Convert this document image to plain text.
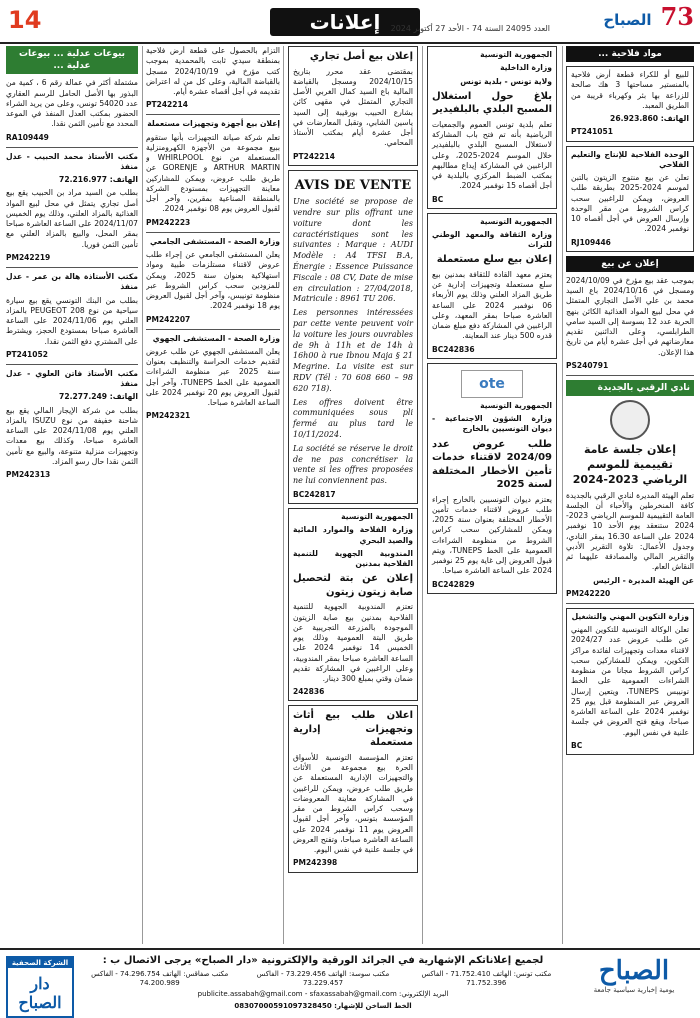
14	إعلانات	العدد 24095 السنة 74 - الأحد 27 أكتوبر 2024	73 الصباح
مواد فلاحية ...

للبيع أو للكراء قطعة أرض فلاحية بالمنستير مساحتها 3 هك صالحة للزراعة بها بئر وكهرباء قريبة من الطريق المعبد.

الهاتف: 26.923.860

PT241051

الوحدة الفلاحية للإنتاج والتعليم الفلاحي

تعلن عن بيع منتوج الزيتون بالتبن لموسم 2024-2025 بطريقة طلب العروض، ويمكن للراغبين سحب كراس الشروط من مقر الوحدة وإرسال العروض في أجل أقصاه 10 نوفمبر 2024.

RJ109446
إعلان عن بيع

بموجب عقد بيع مؤرخ في 2024/10/09 ومسجل في 2024/10/16 باع السيد محمد بن علي الأصل التجاري المتمثل في محل لبيع المواد الغذائية الكائن بنهج الحرية عدد 12 بسوسة إلى السيد سامي الطرابلسي، وعلى الدائنين تقديم معارضاتهم في أجل عشرة أيام من تاريخ هذا الإعلان.

PS240791
نادي الرقبي بالجديدة
إعلان جلسة عامة تقييمية للموسم الرياضي 2023-2024

تعلم الهيئة المديرة لنادي الرقبي بالجديدة كافة المنخرطين والأحباء أن الجلسة العامة التقييمية للموسم الرياضي 2023-2024 ستنعقد يوم الأحد 10 نوفمبر 2024 على الساعة 16.30 بمقر النادي، وجدول الأعمال: تلاوة التقرير الأدبي والتقرير المالي والمصادقة عليهما ثم النقاش العام.

عن الهيئة المديرة - الرئيس

PM242220

وزارة التكوين المهني والتشغيل

تعلن الوكالة التونسية للتكوين المهني عن طلب عروض عدد 2024/27 لاقتناء معدات وتجهيزات لفائدة مراكز التكوين، ويمكن للمشاركين سحب كراس الشروط مجانا من منظومة الشراءات العمومية على الخط تونيبس TUNEPS، ويتعين إرسال العروض عبر المنظومة قبل يوم 25 نوفمبر 2024 على الساعة العاشرة صباحا، ويقع فتح العروض في جلسة علنية في نفس اليوم.

BC

الجمهورية التونسية

وزارة الداخلية

ولاية تونس - بلدية تونس

بلاغ حول استغلال المسبح البلدي بالبلفيدير

تعلم بلدية تونس العموم والجمعيات الرياضية بأنه تم فتح باب المشاركة لاستغلال المسبح البلدي بالبلفيدير خلال الموسم 2024-2025، وعلى الراغبين في المشاركة إيداع مطالبهم بمكتب الضبط المركزي بالبلدية في أجل أقصاه 15 نوفمبر 2024.

BC

الجمهورية التونسية

وزارة الثقافة والمعهد الوطني للتراث

إعلان بيع سلع مستعملة

يعتزم معهد القادة للثقافة بمدنين بيع سلع مستعملة وتجهيزات إدارية عن طريق المزاد العلني وذلك يوم الأربعاء 06 نوفمبر 2024 على الساعة العاشرة صباحا بمقر المعهد، وعلى الراغبين في المشاركة دفع مبلغ ضمان قدره 500 دينار عند المعاينة.

BC242836
ote

الجمهورية التونسية

وزارة الشؤون الاجتماعية - ديوان التونسيين بالخارج

طلب عروض عدد 2024/09 لاقتناء خدمات تأمين الأخطار المختلفة لسنة 2025

يعتزم ديوان التونسيين بالخارج إجراء طلب عروض لاقتناء خدمات تأمين الأخطار المختلفة بعنوان سنة 2025، ويمكن للمشاركين سحب كراس الشروط من منظومة الشراءات العمومية على الخط TUNEPS، ويتم قبول العروض إلى غاية يوم 25 نوفمبر 2024 على الساعة العاشرة صباحا.

BC242829

إعلان بيع أصل تجاري

بمقتضى عقد محرر بتاريخ 2024/10/15 ومسجل بالقباضة المالية باع السيد كمال الغربي الأصل التجاري المتمثل في مقهى كائن بشارع الحبيب بورقيبة إلى السيد ياسين الشابي، وتقبل المعارضات في أجل عشرة أيام بمكتب الأستاذ المحامي.

PT242214
AVIS DE VENTE

Une société se propose de vendre sur plis offrant une voiture dont les caractéristiques sont les suivantes : Marque : AUDI Modèle : A4 TFSI B.A, Énergie : Essence Puissance Fiscale : 08 CV, Date de mise en circulation : 27/04/2018, Matricule : 8961 TU 206.

Les personnes intéressées par cette vente peuvent voir la voiture les jours ouvrables de 9h à 11h et de 14h à 16h00 à rue Ibnou Maja § 21 Megrine. La visite est sur RDV (Tél : 70 608 660 – 98 620 718).

Les offres doivent être communiquées sous pli fermé au plus tard le 10/11/2024.

La société se réserve le droit de ne pas concrétiser la vente si les offres proposées ne lui conviennent pas.

BC242817

الجمهورية التونسية

وزارة الفلاحة والموارد المائية والصيد البحري

المندوبية الجهوية للتنمية الفلاحية بمدنين

إعلان عن بتة لتحصيل صابة زيتون زيتون

تعتزم المندوبية الجهوية للتنمية الفلاحية بمدنين بيع صابة الزيتون الموجودة بالمزرعة التجريبية عن طريق البتة العمومية وذلك يوم الخميس 14 نوفمبر 2024 على الساعة العاشرة صباحا بمقر المندوبية، وعلى الراغبين في المشاركة تقديم ضمان وقتي بمبلغ 300 دينار.

242836

اعلان طلب بيع أثاث وتجهيزات إدارية مستعملة

تعتزم المؤسسة التونسية للأسواق الحرة بيع مجموعة من الأثاث والتجهيزات الإدارية المستعملة عن طريق طلب عروض، ويمكن للراغبين في المشاركة معاينة المعروضات وسحب كراس الشروط من مقر المؤسسة بتونس، وآخر أجل لقبول العروض يوم 11 نوفمبر 2024 على الساعة العاشرة صباحا، وتفتح العروض في جلسة علنية في نفس اليوم.

PM242398

التزام بالحصول على قطعة أرض فلاحية بمنطقة سيدي ثابت بالمحمدية بموجب كتب مؤرخ في 2024/10/19 مسجل بالقباضة المالية، وعلى كل من له اعتراض تقديمه في أجل أقصاه عشرة أيام.

PT242214

إعلان بيع أجهزة وتجهيزات مستعملة

تعلم شركة صيانة التجهيزات بأنها ستقوم ببيع مجموعة من الأجهزة الكهرومنزلية المستعملة من نوع WHIRLPOOL و ARTHUR MARTIN و GORENJE عن طريق طلب عروض، ويمكن للمشاركين معاينة التجهيزات بمستودع الشركة بالمنطقة الصناعية بمقرين، وآخر أجل لقبول العروض يوم 08 نوفمبر 2024.

PM242223

وزارة الصحة - المستشفى الجامعي

يعلن المستشفى الجامعي عن إجراء طلب عروض لاقتناء مستلزمات طبية ومواد استهلاكية بعنوان سنة 2025، ويمكن للمزودين سحب كراس الشروط عبر منظومة تونيبس، وآخر أجل لقبول العروض يوم 18 نوفمبر 2024.

PM242207

وزارة الصحة - المستشفى الجهوي

يعلن المستشفى الجهوي عن طلب عروض لتقديم خدمات الحراسة والتنظيف بعنوان سنة 2025 عبر منظومة الشراءات العمومية على الخط TUNEPS، وآخر أجل لقبول العروض يوم 20 نوفمبر 2024 على الساعة العاشرة صباحا.

PM242321
بيوعات عدلية ... بيوعات عدلية ...

مشتملة أكثر في عمالة رقم 6 ، كمية من البذور بها الأصل الحامل للرسم العقاري عدد 54020 تونس، وعلى من يريد الشراء الحضور بمكتب العدل المنفذ في الموعد المحدد مع تأمين الثمن نقدا.

RA109449

مكتب الأستاذ محمد الحبيب - عدل منفذ

الهاتف: 72.216.977

بطلب من السيد مراد بن الحبيب يقع بيع أصل تجاري يتمثل في محل لبيع المواد الغذائية بالمزاد العلني، وذلك يوم الخميس 2024/11/07 على الساعة العاشرة صباحا بمقر المحل، والبيع بالمزاد العلني مع تأمين الثمن فوريا.

PM242219

مكتب الأستاذة هالة بن عمر - عدل منفذ

بطلب من البنك التونسي يقع بيع سيارة سياحية من نوع PEUGEOT 208 بالمزاد العلني يوم 2024/11/06 على الساعة العاشرة صباحا بمستودع الحجز، ويشترط على المشتري دفع الثمن نقدا.

PT241052

مكتب الأستاذ فاتن العلوي - عدل منفذ

الهاتف: 72.277.249

بطلب من شركة الإيجار المالي يقع بيع شاحنة خفيفة من نوع ISUZU بالمزاد العلني يوم 2024/11/08 على الساعة العاشرة صباحا، وكذلك بيع معدات وتجهيزات منزلية متنوعة، والبيع مع تأمين الثمن نقدا حال رسو المزاد.

PM242313
الصباح
يومية إخبارية سياسية جامعة
لجميع إعلاناتكم الإشهارية في الجرائد الورقية والإلكترونية «دار الصباح» يرجى الاتصال ب :
مكتب تونس: الهاتف 71.752.410 - الفاكس 71.752.396
مكتب سوسة: الهاتف 73.229.456 - الفاكس 73.229.457
مكتب صفاقس: الهاتف 74.296.754 - الفاكس 74.200.989
البريد الإلكتروني: publicite.assabah@gmail.com - sfaxassabah@gmail.com
الخط الساخن للإشهار: 08307000591097328450
الشركة الصحفية
دار الصباح
